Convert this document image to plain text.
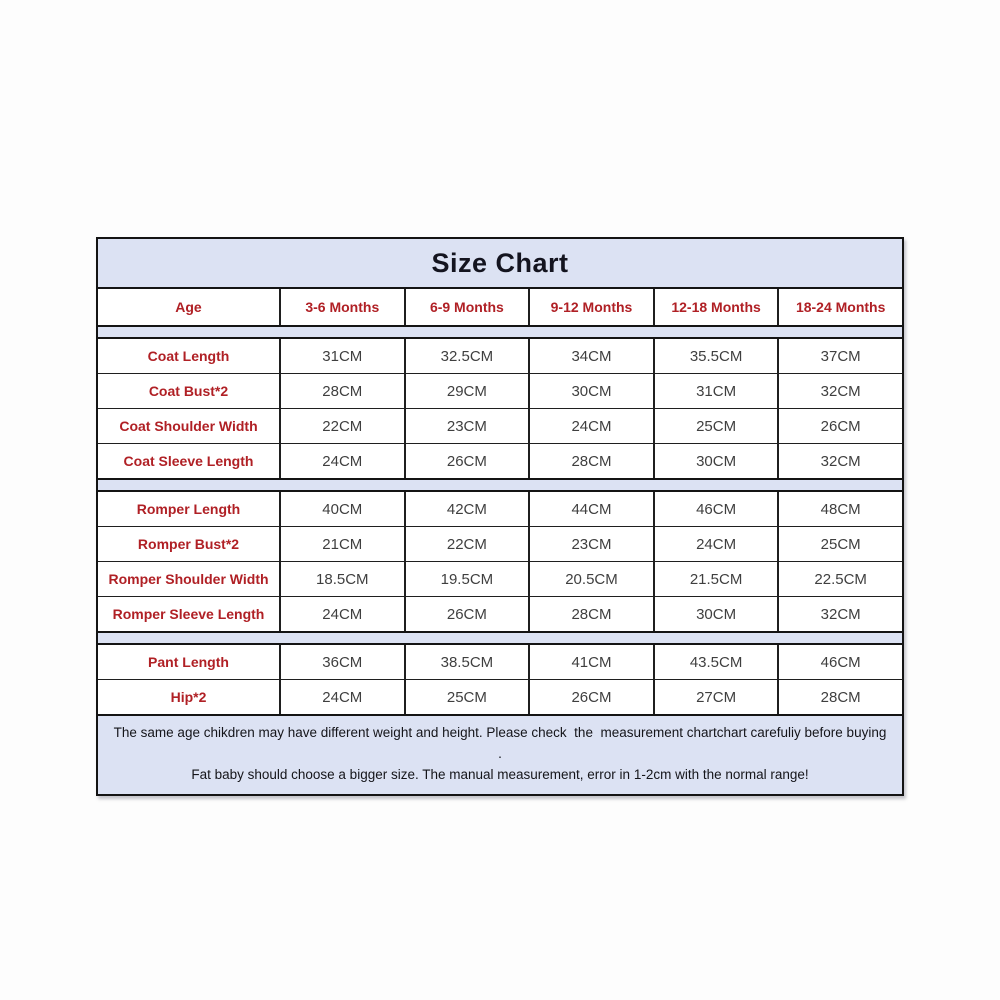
Size Chart
Age	3-6 Months	6-9 Months	9-12 Months	12-18 Months	18-24 Months
Coat Length	31CM	32.5CM	34CM	35.5CM	37CM
Coat Bust*2	28CM	29CM	30CM	31CM	32CM
Coat Shoulder Width	22CM	23CM	24CM	25CM	26CM
Coat Sleeve Length	24CM	26CM	28CM	30CM	32CM
Romper Length	40CM	42CM	44CM	46CM	48CM
Romper Bust*2	21CM	22CM	23CM	24CM	25CM
Romper Shoulder Width	18.5CM	19.5CM	20.5CM	21.5CM	22.5CM
Romper Sleeve Length	24CM	26CM	28CM	30CM	32CM
Pant Length	36CM	38.5CM	41CM	43.5CM	46CM
Hip*2	24CM	25CM	26CM	27CM	28CM
The same age chikdren may have different weight and height. Please check  the  measurement chartchart carefuliy before buying .
Fat baby should choose a bigger size. The manual measurement, error in 1-2cm with the normal range!
